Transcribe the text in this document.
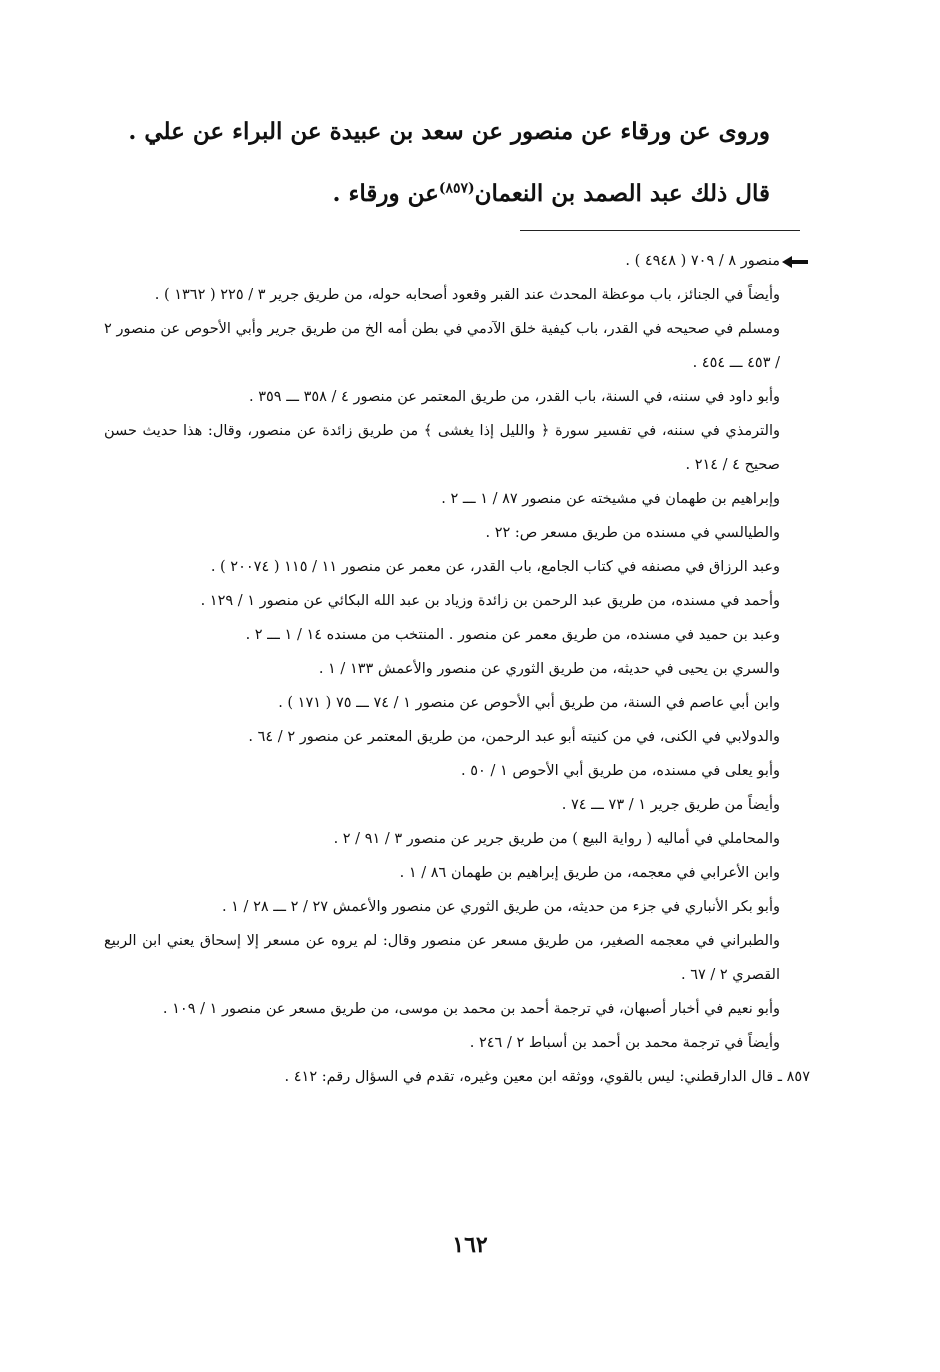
وروى عن ورقاء عن منصور عن سعد بن عبيدة عن البراء عن علي .
قال ذلك عبد الصمد بن النعمان$^{(٨٥٧)}$عن ورقاء .

منصور ٨ / ٧٠٩ ( ٤٩٤٨ ) .

وأيضاً في الجنائز، باب موعظة المحدث عند القبر وقعود أصحابه حوله، من طريق جرير ٣ / ٢٢٥ ( ١٣٦٢ ) .

ومسلم في صحيحه في القدر، باب كيفية خلق الآدمي في بطن أمه الخ من طريق جرير وأبي الأحوص عن منصور ٢ / ٤٥٣ ـــ ٤٥٤ .

وأبو داود في سننه، في السنة، باب القدر، من طريق المعتمر عن منصور ٤ / ٣٥٨ ـــ ٣٥٩ .

والترمذي في سننه، في تفسير سورة ﴿ والليل إذا يغشى ﴾ من طريق زائدة عن منصور، وقال: هذا حديث حسن صحيح ٤ / ٢١٤ .

وإبراهيم بن طهمان في مشيخته عن منصور ٨٧ / ١ ـــ ٢ .

والطيالسي في مسنده من طريق مسعر ص: ٢٢ .

وعبد الرزاق في مصنفه في كتاب الجامع، باب القدر، عن معمر عن منصور ١١ / ١١٥ ( ٢٠٠٧٤ ) .

وأحمد في مسنده، من طريق عبد الرحمن بن زائدة وزياد بن عبد الله البكائي عن منصور ١ / ١٢٩ .

وعبد بن حميد في مسنده، من طريق معمر عن منصور . المنتخب من مسنده ١٤ / ١ ـــ ٢ .

والسري بن يحيى في حديثه، من طريق الثوري عن منصور والأعمش ١٣٣ / ١ .

وابن أبي عاصم في السنة، من طريق أبي الأحوص عن منصور ١ / ٧٤ ـــ ٧٥ ( ١٧١ ) .

والدولابي في الكنى، في من كنيته أبو عبد الرحمن، من طريق المعتمر عن منصور ٢ / ٦٤ .

وأبو يعلى في مسنده، من طريق أبي الأحوص ١ / ٥٠ .

وأيضاً من طريق جرير ١ / ٧٣ ـــ ٧٤ .

والمحاملي في أماليه ( رواية البيع ) من طريق جرير عن منصور ٣ / ٩١ / ٢ .

وابن الأعرابي في معجمه، من طريق إبراهيم بن طهمان ٨٦ / ١ .

وأبو بكر الأنباري في جزء من حديثه، من طريق الثوري عن منصور والأعمش ٢٧ / ٢ ـــ ٢٨ / ١ .

والطبراني في معجمه الصغير، من طريق مسعر عن منصور وقال: لم يروه عن مسعر إلا إسحاق يعني ابن الربيع القصري ٢ / ٦٧ .

وأبو نعيم في أخبار أصبهان، في ترجمة أحمد بن محمد بن موسى، من طريق مسعر عن منصور ١ / ١٠٩ .

وأيضاً في ترجمة محمد بن أحمد بن أسباط ٢ / ٢٤٦ .

٨٥٧ ـ قال الدارقطني: ليس بالقوي، ووثقه ابن معين وغيره، تقدم في السؤال رقم: ٤١٢ .

١٦٢
